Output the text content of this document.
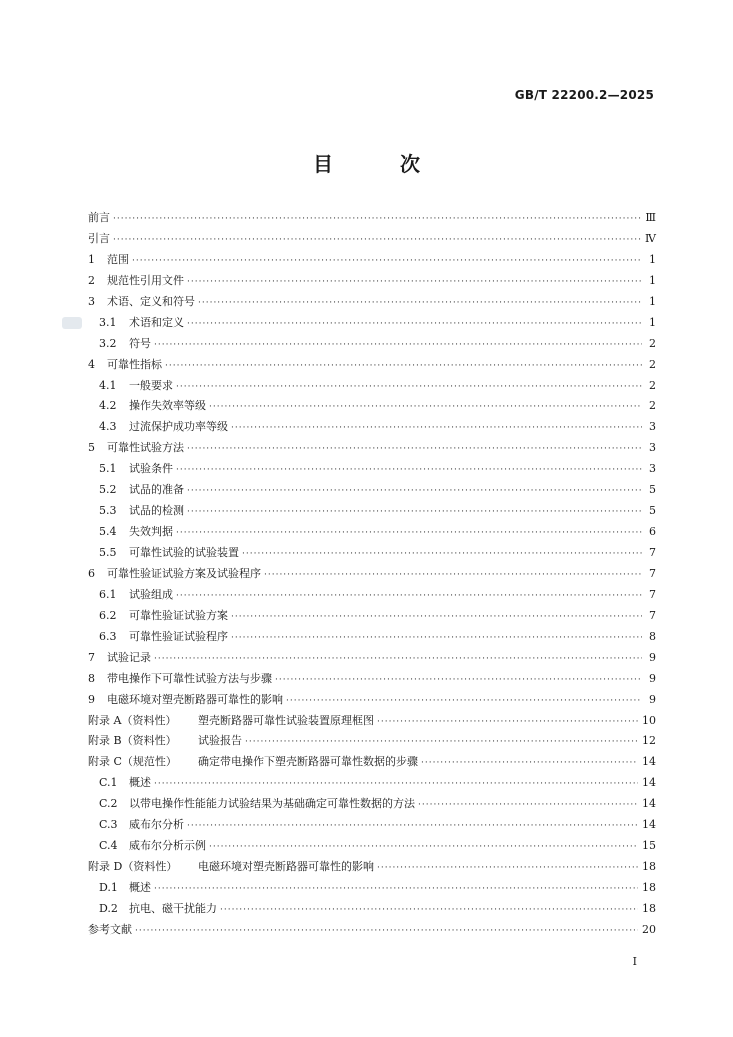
GB/T 22200.2—2025
目 次
前言 ·····	Ⅲ
引言 ·····	Ⅳ
1	范围 ·····	1
2	规范性引用文件 ·····	1
3	术语、定义和符号 ·····	1
3.1	术语和定义 ·····	1
3.2	符号 ·····	2
4	可靠性指标 ·····	2
4.1	一般要求 ·····	2
4.2	操作失效率等级 ·····	2
4.3	过流保护成功率等级 ·····	3
5	可靠性试验方法 ·····	3
5.1	试验条件 ·····	3
5.2	试品的准备 ·····	5
5.3	试品的检测 ·····	5
5.4	失效判据 ·····	6
5.5	可靠性试验的试验装置 ·····	7
6	可靠性验证试验方案及试验程序 ·····	7
6.1	试验组成 ·····	7
6.2	可靠性验证试验方案 ·····	7
6.3	可靠性验证试验程序 ·····	8
7	试验记录 ·····	9
8	带电操作下可靠性试验方法与步骤 ·····	9
9	电磁环境对塑壳断路器可靠性的影响 ·····	9
附录 A（资料性）	塑壳断路器可靠性试验装置原理框图 ·····	10
附录 B（资料性）	试验报告 ·····	12
附录 C（规范性）	确定带电操作下塑壳断路器可靠性数据的步骤 ·····	14
C.1	概述 ·····	14
C.2	以带电操作性能能力试验结果为基础确定可靠性数据的方法 ·····	14
C.3	威布尔分析 ·····	14
C.4	威布尔分析示例 ·····	15
附录 D（资料性）	电磁环境对塑壳断路器可靠性的影响 ·····	18
D.1	概述 ·····	18
D.2	抗电、磁干扰能力 ·····	18
参考文献 ·····	20
Ⅰ
